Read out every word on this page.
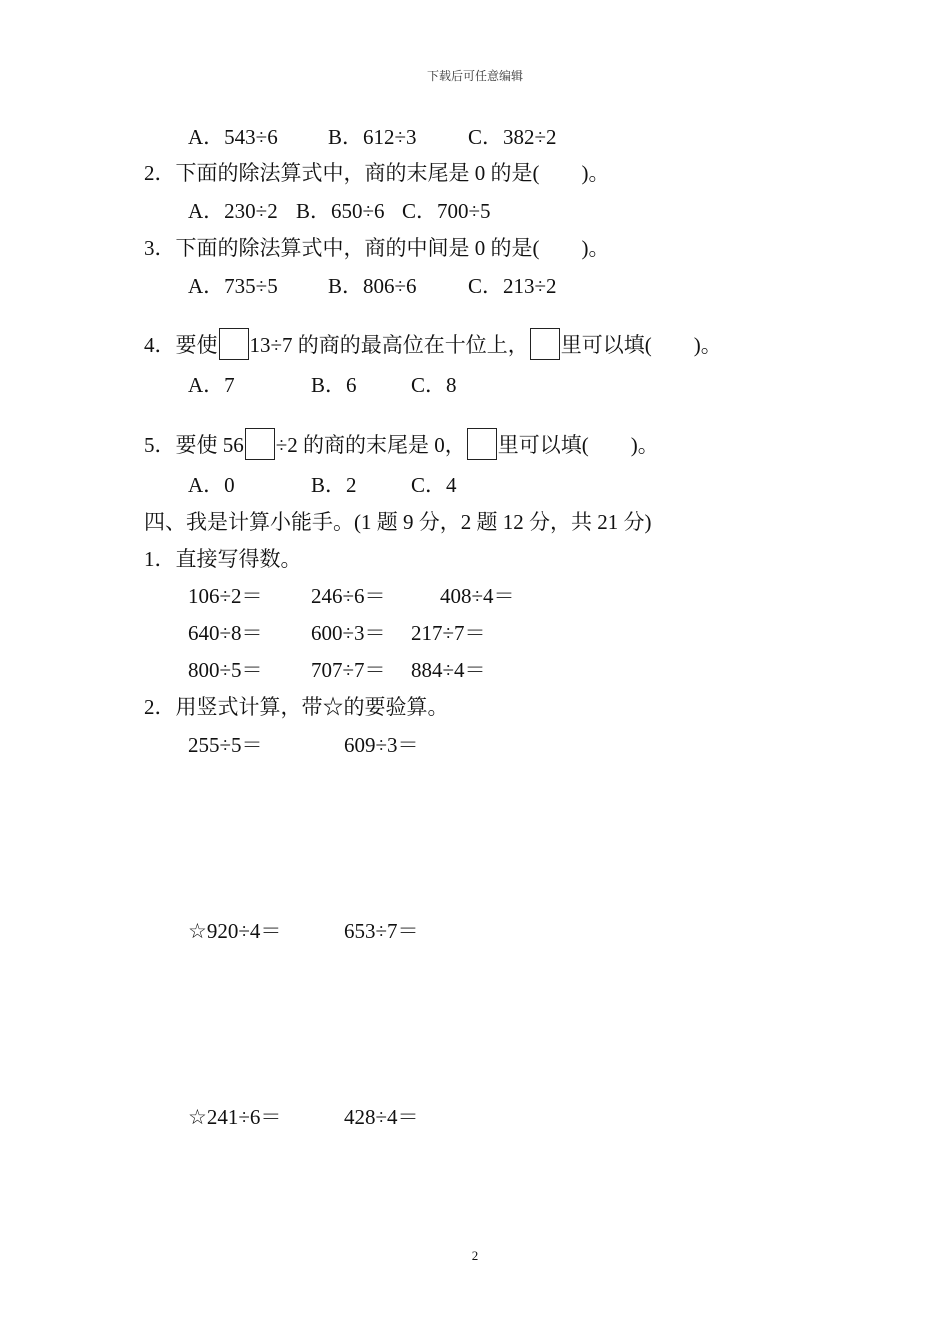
下载后可任意编辑
A．543÷6 B．612÷3 C．382÷2
2．下面的除法算式中，商的末尾是 0 的是(　　)。
A．230÷2 B．650÷6 C．700÷5
3．下面的除法算式中，商的中间是 0 的是(　　)。
A．735÷5 B．806÷6 C．213÷2
4．要使 13÷7 的商的最高位在十位上， 里可以填(　　)。
A．7	B．6	C．8
5．要使 56 ÷2 的商的末尾是 0， 里可以填(　　)。
A．0	B．2	C．4
四、我是计算小能手。(1 题 9 分，2 题 12 分，共 21 分)
1．直接写得数。
106÷2＝ 246÷6＝	408÷4＝
640÷8＝ 600÷3＝ 217÷7＝
800÷5＝ 707÷7＝ 884÷4＝
2．用竖式计算，带☆的要验算。
255÷5＝	609÷3＝
☆920÷4＝	653÷7＝
☆241÷6＝	428÷4＝
2
